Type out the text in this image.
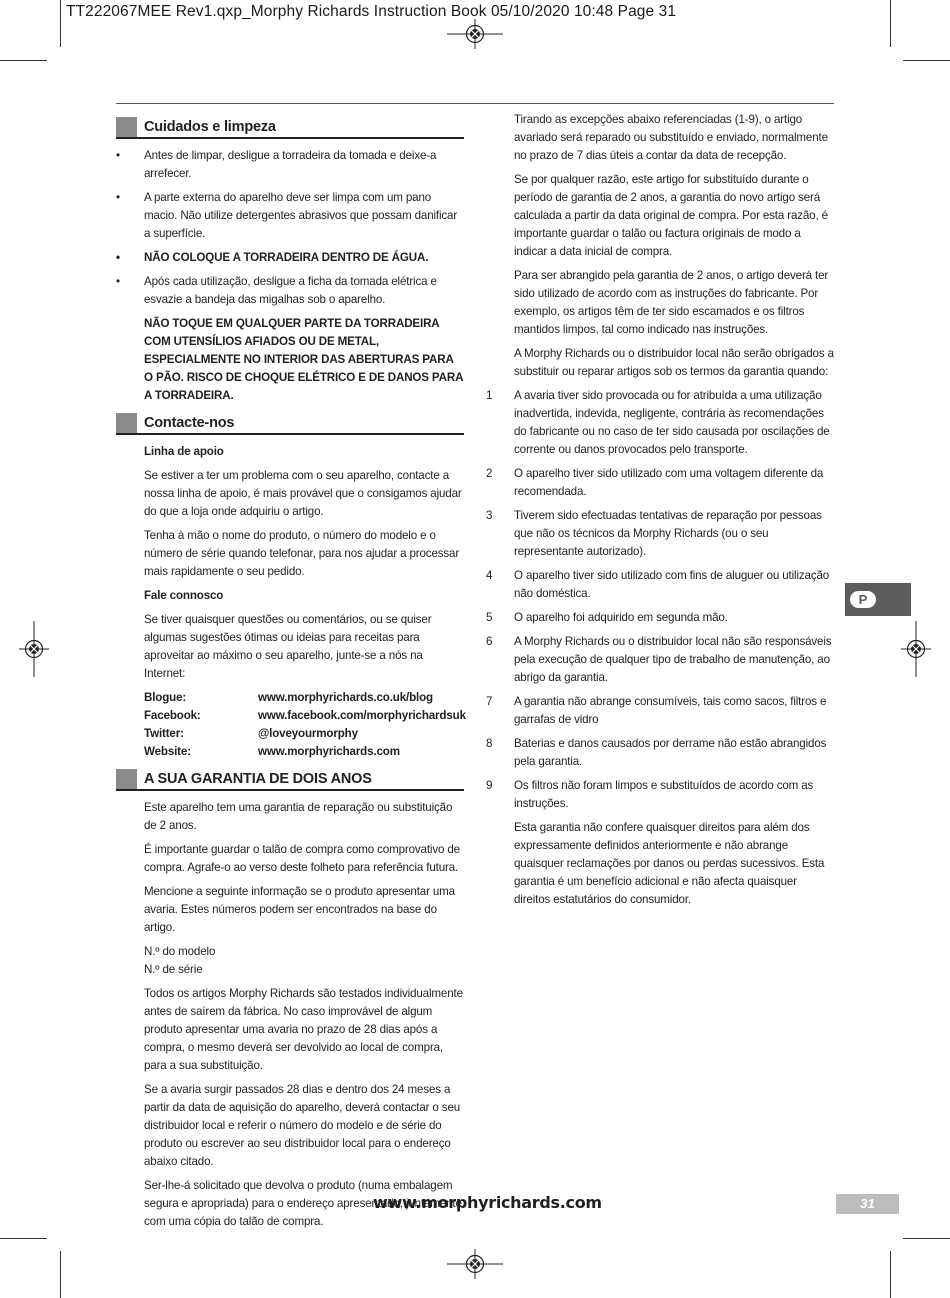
TT222067MEE Rev1.qxp_Morphy Richards Instruction Book 05/10/2020 10:48 Page 31
Cuidados e limpeza
• Antes de limpar, desligue a torradeira da tomada e deixe-a arrefecer.
• A parte externa do aparelho deve ser limpa com um pano macio. Não utilize detergentes abrasivos que possam danificar a superfície.
• NÃO COLOQUE A TORRADEIRA DENTRO DE ÁGUA.
• Após cada utilização, desligue a ficha da tomada elétrica e esvazie a bandeja das migalhas sob o aparelho.
NÃO TOQUE EM QUALQUER PARTE DA TORRADEIRA COM UTENSÍLIOS AFIADOS OU DE METAL, ESPECIALMENTE NO INTERIOR DAS ABERTURAS PARA O PÃO. RISCO DE CHOQUE ELÉTRICO E DE DANOS PARA A TORRADEIRA.
Contacte-nos
Linha de apoio
Se estiver a ter um problema com o seu aparelho, contacte a nossa linha de apoio, é mais provável que o consigamos ajudar do que a loja onde adquiriu o artigo.
Tenha à mão o nome do produto, o número do modelo e o número de série quando telefonar, para nos ajudar a processar mais rapidamente o seu pedido.
Fale connosco
Se tiver quaisquer questões ou comentários, ou se quiser algumas sugestões ótimas ou ideias para receitas para aproveitar ao máximo o seu aparelho, junte-se a nós na Internet:
Blogue:	www.morphyrichards.co.uk/blog
Facebook:	www.facebook.com/morphyrichardsuk
Twitter:	@loveyourmorphy
Website:	www.morphyrichards.com
A SUA GARANTIA DE DOIS ANOS
Este aparelho tem uma garantia de reparação ou substituição de 2 anos.
É importante guardar o talão de compra como comprovativo de compra. Agrafe-o ao verso deste folheto para referência futura.
Mencione a seguinte informação se o produto apresentar uma avaria. Estes números podem ser encontrados na base do artigo.
N.º do modelo
N.º de série
Todos os artigos Morphy Richards são testados individualmente antes de saírem da fábrica. No caso improvável de algum produto apresentar uma avaria no prazo de 28 dias após a compra, o mesmo deverá ser devolvido ao local de compra, para a sua substituição.
Se a avaria surgir passados 28 dias e dentro dos 24 meses a partir da data de aquisição do aparelho, deverá contactar o seu distribuidor local e referir o número do modelo e de série do produto ou escrever ao seu distribuidor local para o endereço abaixo citado.
Ser-lhe-á solicitado que devolva o produto (numa embalagem segura e apropriada) para o endereço apresentado, juntamente com uma cópia do talão de compra.
Tirando as excepções abaixo referenciadas (1-9), o artigo avariado será reparado ou substituído e enviado, normalmente no prazo de 7 dias úteis a contar da data de recepção.
Se por qualquer razão, este artigo for substituído durante o período de garantia de 2 anos, a garantia do novo artigo será calculada a partir da data original de compra. Por esta razão, é importante guardar o talão ou factura originais de modo a indicar a data inicial de compra.
Para ser abrangido pela garantia de 2 anos, o artigo deverá ter sido utilizado de acordo com as instruções do fabricante. Por exemplo, os artigos têm de ter sido escamados e os filtros mantidos limpos, tal como indicado nas instruções.
A Morphy Richards ou o distribuidor local não serão obrigados a substituir ou reparar artigos sob os termos da garantia quando:
1 A avaria tiver sido provocada ou for atribuída a uma utilização inadvertida, indevida, negligente, contrária às recomendações do fabricante ou no caso de ter sido causada por oscilações de corrente ou danos provocados pelo transporte.
2 O aparelho tiver sido utilizado com uma voltagem diferente da recomendada.
3 Tiverem sido efectuadas tentativas de reparação por pessoas que não os técnicos da Morphy Richards (ou o seu representante autorizado).
4 O aparelho tiver sido utilizado com fins de aluguer ou utilização não doméstica.
5 O aparelho foi adquirido em segunda mão.
6 A Morphy Richards ou o distribuidor local não são responsáveis pela execução de qualquer tipo de trabalho de manutenção, ao abrigo da garantia.
7 A garantia não abrange consumíveis, tais como sacos, filtros e garrafas de vidro
8 Baterias e danos causados por derrame não estão abrangidos pela garantia.
9 Os filtros não foram limpos e substituídos de acordo com as instruções.
Esta garantia não confere quaisquer direitos para além dos expressamente definidos anteriormente e não abrange quaisquer reclamações por danos ou perdas sucessivos. Esta garantia é um benefício adicional e não afecta quaisquer direitos estatutários do consumidor.
P
www.morphyrichards.com	31
